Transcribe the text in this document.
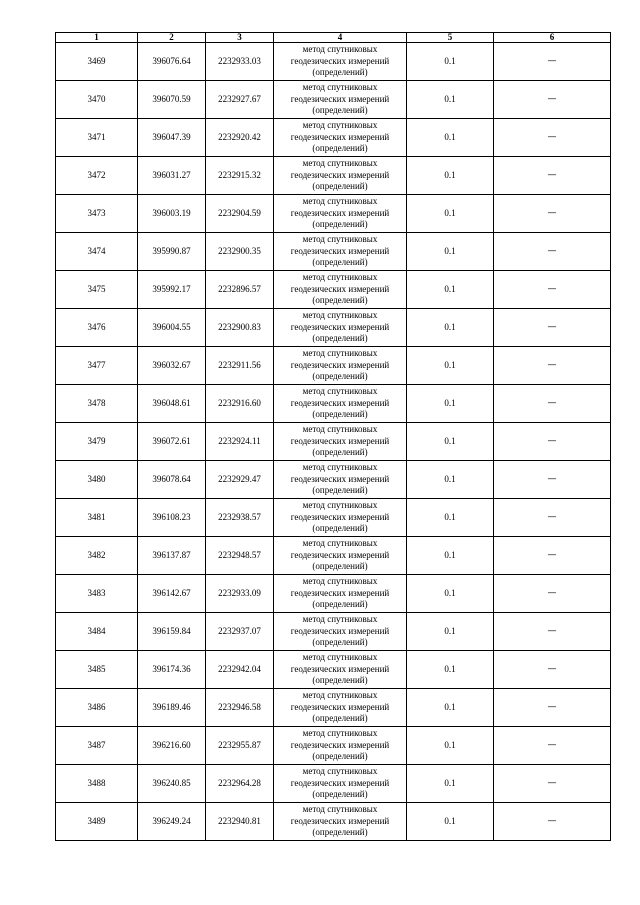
1	2	3	4	5	6
3469	396076.64	2232933.03	метод спутниковых геодезических измерений (определений)	0.1	—
3470	396070.59	2232927.67	метод спутниковых геодезических измерений (определений)	0.1	—
3471	396047.39	2232920.42	метод спутниковых геодезических измерений (определений)	0.1	—
3472	396031.27	2232915.32	метод спутниковых геодезических измерений (определений)	0.1	—
3473	396003.19	2232904.59	метод спутниковых геодезических измерений (определений)	0.1	—
3474	395990.87	2232900.35	метод спутниковых геодезических измерений (определений)	0.1	—
3475	395992.17	2232896.57	метод спутниковых геодезических измерений (определений)	0.1	—
3476	396004.55	2232900.83	метод спутниковых геодезических измерений (определений)	0.1	—
3477	396032.67	2232911.56	метод спутниковых геодезических измерений (определений)	0.1	—
3478	396048.61	2232916.60	метод спутниковых геодезических измерений (определений)	0.1	—
3479	396072.61	2232924.11	метод спутниковых геодезических измерений (определений)	0.1	—
3480	396078.64	2232929.47	метод спутниковых геодезических измерений (определений)	0.1	—
3481	396108.23	2232938.57	метод спутниковых геодезических измерений (определений)	0.1	—
3482	396137.87	2232948.57	метод спутниковых геодезических измерений (определений)	0.1	—
3483	396142.67	2232933.09	метод спутниковых геодезических измерений (определений)	0.1	—
3484	396159.84	2232937.07	метод спутниковых геодезических измерений (определений)	0.1	—
3485	396174.36	2232942.04	метод спутниковых геодезических измерений (определений)	0.1	—
3486	396189.46	2232946.58	метод спутниковых геодезических измерений (определений)	0.1	—
3487	396216.60	2232955.87	метод спутниковых геодезических измерений (определений)	0.1	—
3488	396240.85	2232964.28	метод спутниковых геодезических измерений (определений)	0.1	—
3489	396249.24	2232940.81	метод спутниковых геодезических измерений (определений)	0.1	—
